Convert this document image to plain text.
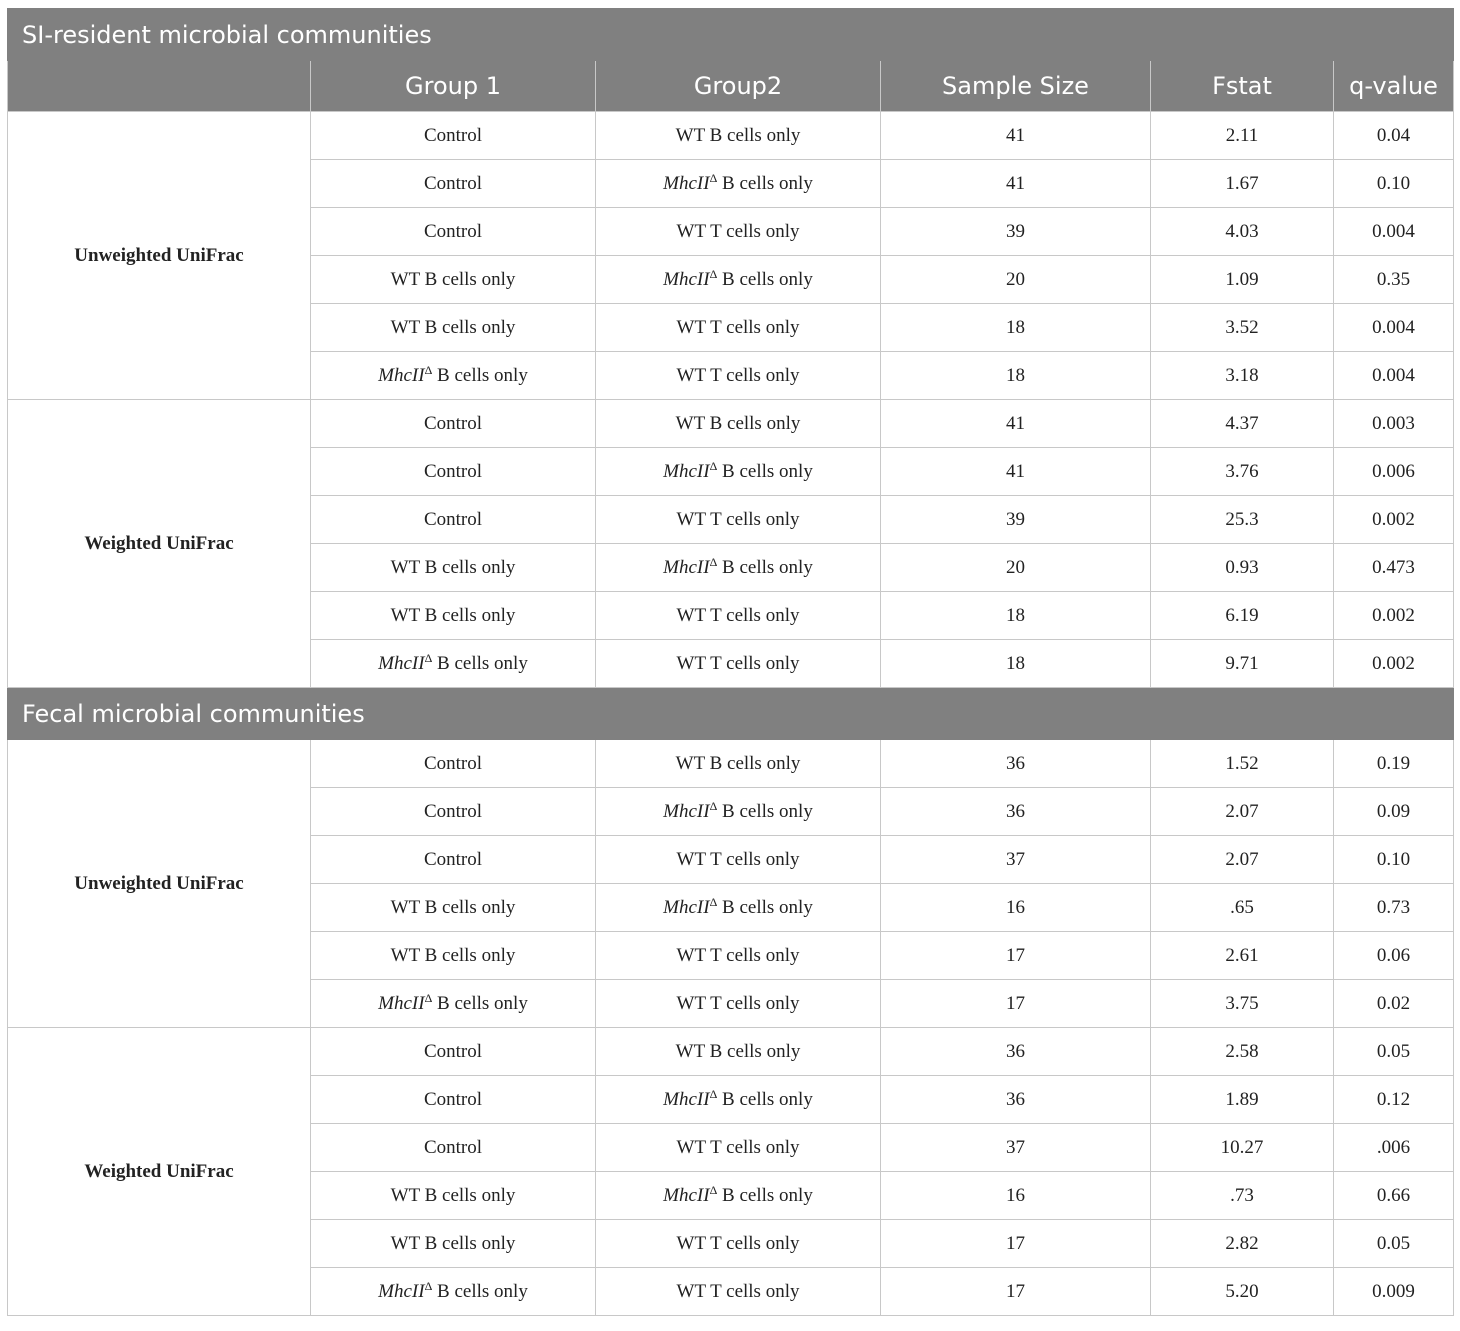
SI-resident microbial communities					
	Group 1	Group2	Sample Size	Fstat	q-value
Unweighted UniFrac	Control	WT B cells only	41	2.11	0.04
	Control	MhcII$^\Delta$ B cells only	41	1.67	0.10
	Control	WT T cells only	39	4.03	0.004
	WT B cells only	MhcII$^\Delta$ B cells only	20	1.09	0.35
	WT B cells only	WT T cells only	18	3.52	0.004
	MhcII$^\Delta$ B cells only	WT T cells only	18	3.18	0.004
Weighted UniFrac	Control	WT B cells only	41	4.37	0.003
	Control	MhcII$^\Delta$ B cells only	41	3.76	0.006
	Control	WT T cells only	39	25.3	0.002
	WT B cells only	MhcII$^\Delta$ B cells only	20	0.93	0.473
	WT B cells only	WT T cells only	18	6.19	0.002
	MhcII$^\Delta$ B cells only	WT T cells only	18	9.71	0.002
Fecal microbial communities					
Unweighted UniFrac	Control	WT B cells only	36	1.52	0.19
	Control	MhcII$^\Delta$ B cells only	36	2.07	0.09
	Control	WT T cells only	37	2.07	0.10
	WT B cells only	MhcII$^\Delta$ B cells only	16	.65	0.73
	WT B cells only	WT T cells only	17	2.61	0.06
	MhcII$^\Delta$ B cells only	WT T cells only	17	3.75	0.02
Weighted UniFrac	Control	WT B cells only	36	2.58	0.05
	Control	MhcII$^\Delta$ B cells only	36	1.89	0.12
	Control	WT T cells only	37	10.27	.006
	WT B cells only	MhcII$^\Delta$ B cells only	16	.73	0.66
	WT B cells only	WT T cells only	17	2.82	0.05
	MhcII$^\Delta$ B cells only	WT T cells only	17	5.20	0.009
